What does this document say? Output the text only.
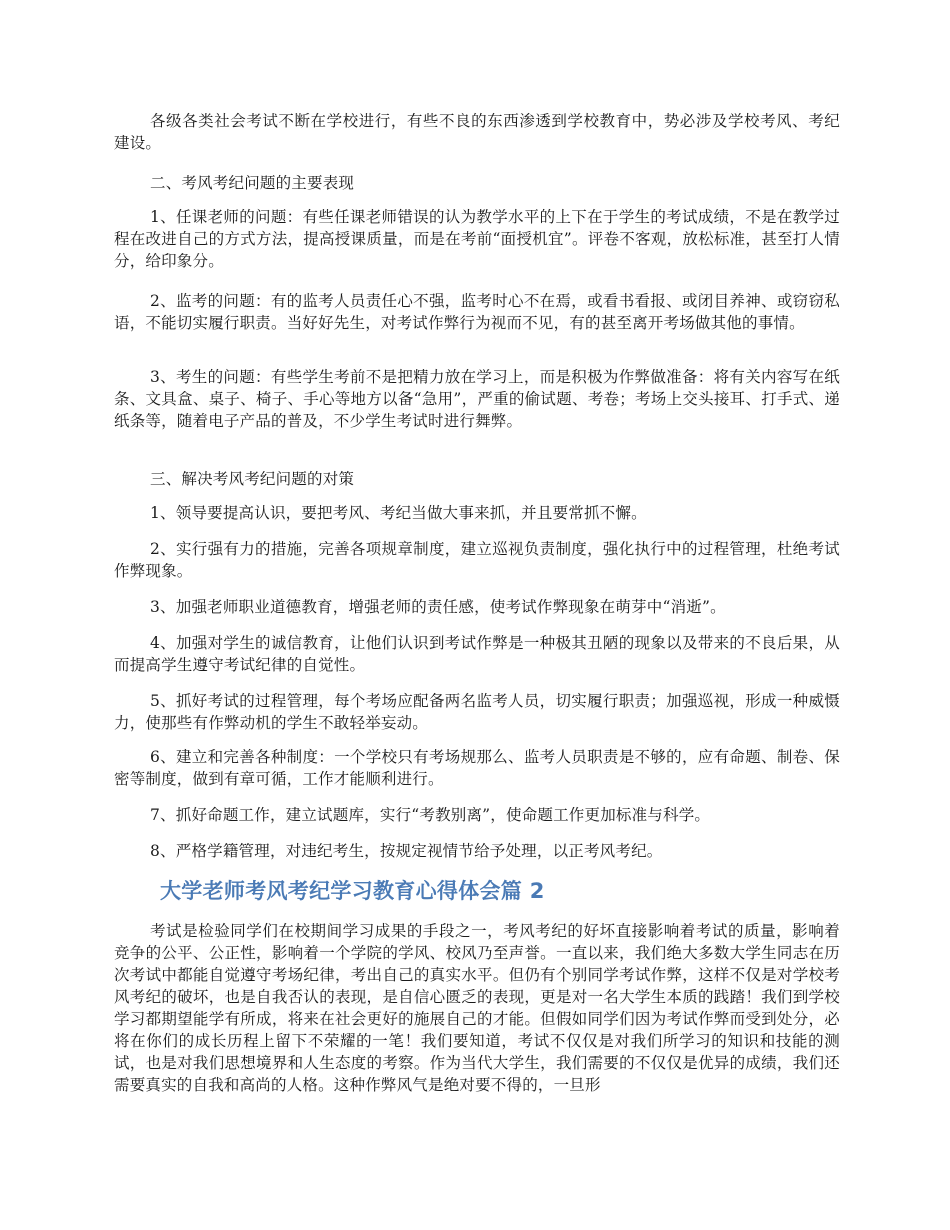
各级各类社会考试不断在学校进行，有些不良的东西渗透到学校教育中，势必涉及学校考风、考纪建设。

二、考风考纪问题的主要表现

1、任课老师的问题：有些任课老师错误的认为教学水平的上下在于学生的考试成绩，不是在教学过程在改进自己的方式方法，提高授课质量，而是在考前“面授机宜”。评卷不客观，放松标准，甚至打人情分，给印象分。

2、监考的问题：有的监考人员责任心不强，监考时心不在焉，或看书看报、或闭目养神、或窃窃私语，不能切实履行职责。当好好先生，对考试作弊行为视而不见，有的甚至离开考场做其他的事情。

3、考生的问题：有些学生考前不是把精力放在学习上，而是积极为作弊做准备：将有关内容写在纸条、文具盒、桌子、椅子、手心等地方以备“急用”，严重的偷试题、考卷；考场上交头接耳、打手式、递纸条等，随着电子产品的普及，不少学生考试时进行舞弊。

三、解决考风考纪问题的对策

1、领导要提高认识，要把考风、考纪当做大事来抓，并且要常抓不懈。

2、实行强有力的措施，完善各项规章制度，建立巡视负责制度，强化执行中的过程管理，杜绝考试作弊现象。

3、加强老师职业道德教育，增强老师的责任感，使考试作弊现象在萌芽中“消逝”。

4、加强对学生的诚信教育，让他们认识到考试作弊是一种极其丑陋的现象以及带来的不良后果，从而提高学生遵守考试纪律的自觉性。

5、抓好考试的过程管理，每个考场应配备两名监考人员，切实履行职责；加强巡视，形成一种威慑力，使那些有作弊动机的学生不敢轻举妄动。

6、建立和完善各种制度：一个学校只有考场规那么、监考人员职责是不够的，应有命题、制卷、保密等制度，做到有章可循，工作才能顺利进行。

7、抓好命题工作，建立试题库，实行“考教别离”，使命题工作更加标准与科学。

8、严格学籍管理，对违纪考生，按规定视情节给予处理，以正考风考纪。

大学老师考风考纪学习教育心得体会篇 2

考试是检验同学们在校期间学习成果的手段之一，考风考纪的好坏直接影响着考试的质量，影响着竞争的公平、公正性，影响着一个学院的学风、校风乃至声誉。一直以来，我们绝大多数大学生同志在历次考试中都能自觉遵守考场纪律，考出自己的真实水平。但仍有个别同学考试作弊，这样不仅是对学校考风考纪的破坏，也是自我否认的表现，是自信心匮乏的表现，更是对一名大学生本质的践踏！我们到学校学习都期望能学有所成，将来在社会更好的施展自己的才能。但假如同学们因为考试作弊而受到处分，必将在你们的成长历程上留下不荣耀的一笔！我们要知道，考试不仅仅是对我们所学习的知识和技能的测试，也是对我们思想境界和人生态度的考察。作为当代大学生，我们需要的不仅仅是优异的成绩，我们还需要真实的自我和高尚的人格。这种作弊风气是绝对要不得的，一旦形
